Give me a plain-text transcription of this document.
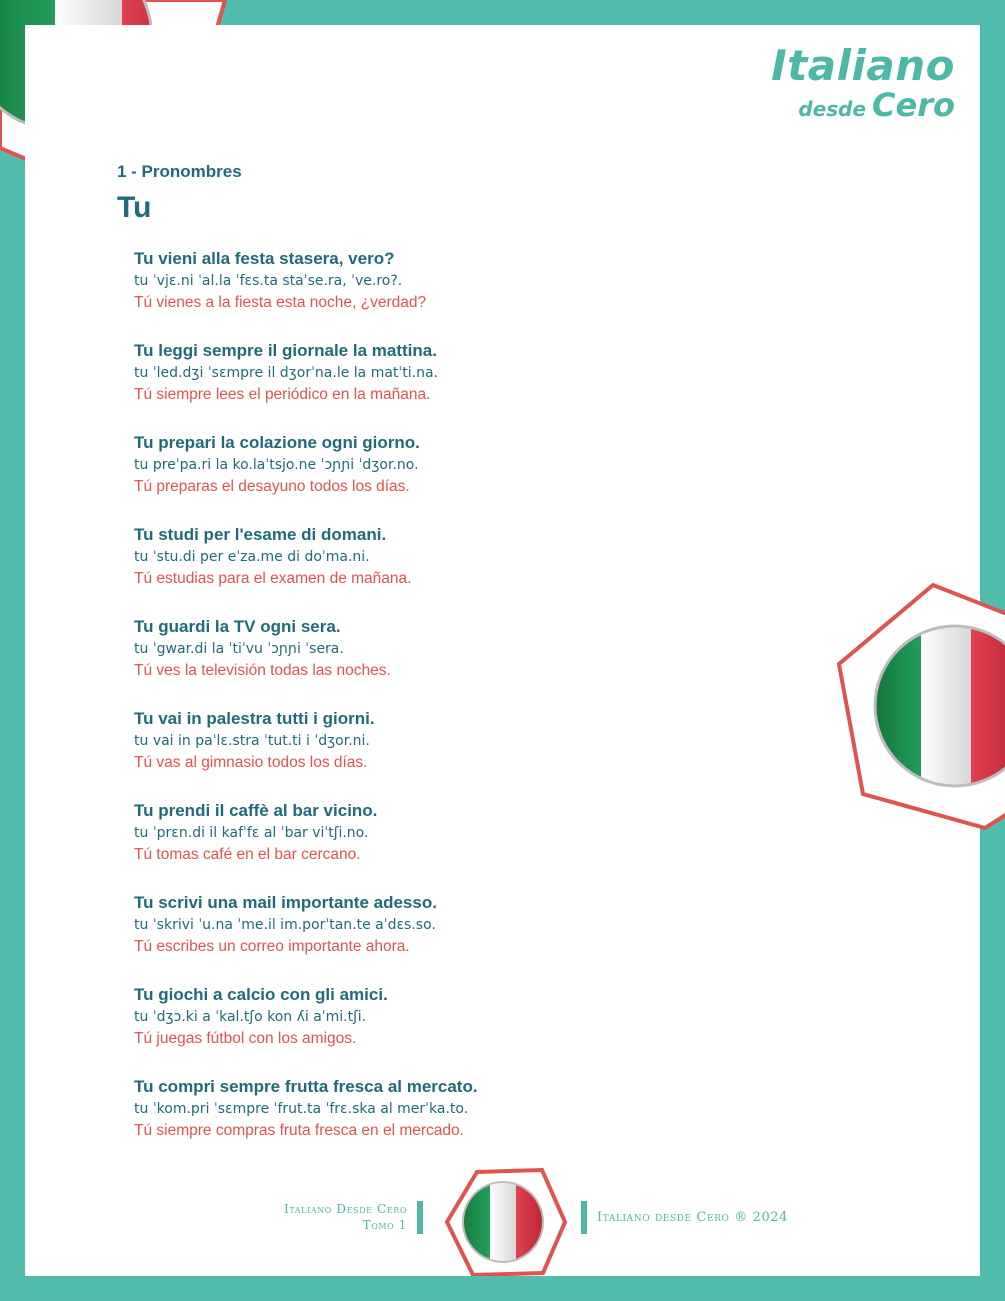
Italiano
desde Cero
1 - Pronombres
Tu
Tu vieni alla festa stasera, vero?
tu ˈvjɛ.ni ˈal.la ˈfɛs.ta staˈse.ra, ˈve.ro?.
Tú vienes a la fiesta esta noche, ¿verdad?
Tu leggi sempre il giornale la mattina.
tu ˈled.dʒi ˈsɛmpre il dʒorˈna.le la matˈti.na.
Tú siempre lees el periódico en la mañana.
Tu prepari la colazione ogni giorno.
tu preˈpa.ri la ko.laˈtsjo.ne ˈɔɲɲi ˈdʒor.no.
Tú preparas el desayuno todos los días.
Tu studi per l'esame di domani.
tu ˈstu.di per eˈza.me di doˈma.ni.
Tú estudias para el examen de mañana.
Tu guardi la TV ogni sera.
tu ˈgwar.di la ˈtiˈvu ˈɔɲɲi ˈsera.
Tú ves la televisión todas las noches.
Tu vai in palestra tutti i giorni.
tu vai in paˈlɛ.stra ˈtut.ti i ˈdʒor.ni.
Tú vas al gimnasio todos los días.
Tu prendi il caffè al bar vicino.
tu ˈprɛn.di il kafˈfɛ al ˈbar viˈtʃi.no.
Tú tomas café en el bar cercano.
Tu scrivi una mail importante adesso.
tu ˈskrivi ˈu.na ˈme.il im.porˈtan.te aˈdɛs.so.
Tú escribes un correo importante ahora.
Tu giochi a calcio con gli amici.
tu ˈdʒɔ.ki a ˈkal.tʃo kon ʎi aˈmi.tʃi.
Tú juegas fútbol con los amigos.
Tu compri sempre frutta fresca al mercato.
tu ˈkom.pri ˈsɛmpre ˈfrut.ta ˈfrɛ.ska al merˈka.to.
Tú siempre compras fruta fresca en el mercado.
Italiano Desde Cero
Tomo 1	Italiano desde Cero ® 2024
